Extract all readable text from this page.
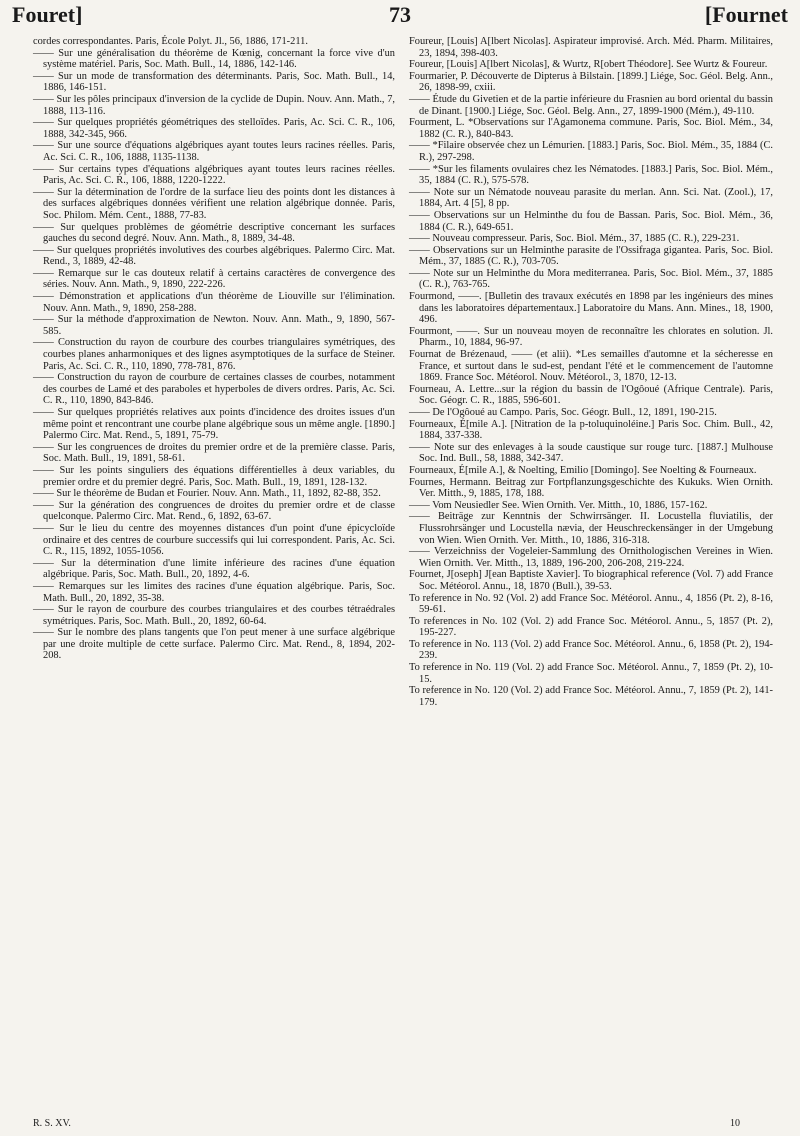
Fouret]	73	[Fournet

cordes correspondantes. Paris, École Polyt. Jl., 56, 1886, 171-211.

—— Sur une généralisation du théorème de Kœnig, concernant la force vive d'un système matériel. Paris, Soc. Math. Bull., 14, 1886, 142-146.

—— Sur un mode de transformation des déterminants. Paris, Soc. Math. Bull., 14, 1886, 146-151.

—— Sur les pôles principaux d'inversion de la cyclide de Dupin. Nouv. Ann. Math., 7, 1888, 113-116.

—— Sur quelques propriétés géométriques des stelloïdes. Paris, Ac. Sci. C. R., 106, 1888, 342-345, 966.

—— Sur une source d'équations algébriques ayant toutes leurs racines réelles. Paris, Ac. Sci. C. R., 106, 1888, 1135-1138.

—— Sur certains types d'équations algébriques ayant toutes leurs racines réelles. Paris, Ac. Sci. C. R., 106, 1888, 1220-1222.

—— Sur la détermination de l'ordre de la surface lieu des points dont les distances à des surfaces algébriques données vérifient une relation algébrique donnée. Paris, Soc. Philom. Mém. Cent., 1888, 77-83.

—— Sur quelques problèmes de géométrie descriptive concernant les surfaces gauches du second degré. Nouv. Ann. Math., 8, 1889, 34-48.

—— Sur quelques propriétés involutives des courbes algébriques. Palermo Circ. Mat. Rend., 3, 1889, 42-48.

—— Remarque sur le cas douteux relatif à certains caractères de convergence des séries. Nouv. Ann. Math., 9, 1890, 222-226.

—— Démonstration et applications d'un théorème de Liouville sur l'élimination. Nouv. Ann. Math., 9, 1890, 258-288.

—— Sur la méthode d'approximation de Newton. Nouv. Ann. Math., 9, 1890, 567-585.

—— Construction du rayon de courbure des courbes triangulaires symétriques, des courbes planes anharmoniques et des lignes asymptotiques de la surface de Steiner. Paris, Ac. Sci. C. R., 110, 1890, 778-781, 876.

—— Construction du rayon de courbure de certaines classes de courbes, notamment des courbes de Lamé et des paraboles et hyperboles de divers ordres. Paris, Ac. Sci. C. R., 110, 1890, 843-846.

—— Sur quelques propriétés relatives aux points d'incidence des droites issues d'un même point et rencontrant une courbe plane algébrique sous un même angle. [1890.] Palermo Circ. Mat. Rend., 5, 1891, 75-79.

—— Sur les congruences de droites du premier ordre et de la première classe. Paris, Soc. Math. Bull., 19, 1891, 58-61.

—— Sur les points singuliers des équations différentielles à deux variables, du premier ordre et du premier degré. Paris, Soc. Math. Bull., 19, 1891, 128-132.

—— Sur le théorème de Budan et Fourier. Nouv. Ann. Math., 11, 1892, 82-88, 352.

—— Sur la génération des congruences de droites du premier ordre et de classe quelconque. Palermo Circ. Mat. Rend., 6, 1892, 63-67.

—— Sur le lieu du centre des moyennes distances d'un point d'une épicycloïde ordinaire et des centres de courbure successifs qui lui correspondent. Paris, Ac. Sci. C. R., 115, 1892, 1055-1056.

—— Sur la détermination d'une limite inférieure des racines d'une équation algébrique. Paris, Soc. Math. Bull., 20, 1892, 4-6.

—— Remarques sur les limites des racines d'une équation algébrique. Paris, Soc. Math. Bull., 20, 1892, 35-38.

—— Sur le rayon de courbure des courbes triangulaires et des courbes tétraédrales symétriques. Paris, Soc. Math. Bull., 20, 1892, 60-64.

—— Sur le nombre des plans tangents que l'on peut mener à une surface algébrique par une droite multiple de cette surface. Palermo Circ. Mat. Rend., 8, 1894, 202-208.

Foureur, [Louis] A[lbert Nicolas]. Aspirateur improvisé. Arch. Méd. Pharm. Militaires, 23, 1894, 398-403.

Foureur, [Louis] A[lbert Nicolas], & Wurtz, R[obert Théodore]. See Wurtz & Foureur.

Fourmarier, P. Découverte de Dipterus à Bilstain. [1899.] Liége, Soc. Géol. Belg. Ann., 26, 1898-99, cxiii.

—— Étude du Givetien et de la partie inférieure du Frasnien au bord oriental du bassin de Dinant. [1900.] Liége, Soc. Géol. Belg. Ann., 27, 1899-1900 (Mém.), 49-110.

Fourment, L. *Observations sur l'Agamonema commune. Paris, Soc. Biol. Mém., 34, 1882 (C. R.), 840-843.

—— *Filaire observée chez un Lémurien. [1883.] Paris, Soc. Biol. Mém., 35, 1884 (C. R.), 297-298.

—— *Sur les filaments ovulaires chez les Nématodes. [1883.] Paris, Soc. Biol. Mém., 35, 1884 (C. R.), 575-578.

—— Note sur un Nématode nouveau parasite du merlan. Ann. Sci. Nat. (Zool.), 17, 1884, Art. 4 [5], 8 pp.

—— Observations sur un Helminthe du fou de Bassan. Paris, Soc. Biol. Mém., 36, 1884 (C. R.), 649-651.

—— Nouveau compresseur. Paris, Soc. Biol. Mém., 37, 1885 (C. R.), 229-231.

—— Observations sur un Helminthe parasite de l'Ossifraga gigantea. Paris, Soc. Biol. Mém., 37, 1885 (C. R.), 703-705.

—— Note sur un Helminthe du Mora mediterranea. Paris, Soc. Biol. Mém., 37, 1885 (C. R.), 763-765.

Fourmond, ——. [Bulletin des travaux exécutés en 1898 par les ingénieurs des mines dans les laboratoires départementaux.] Laboratoire du Mans. Ann. Mines., 18, 1900, 496.

Fourmont, ——. Sur un nouveau moyen de reconnaître les chlorates en solution. Jl. Pharm., 10, 1884, 96-97.

Fournat de Brézenaud, —— (et alii). *Les semailles d'automne et la sécheresse en France, et surtout dans le sud-est, pendant l'été et le commencement de l'automne 1869. France Soc. Météorol. Nouv. Météorol., 3, 1870, 12-13.

Fourneau, A. Lettre...sur la région du bassin de l'Ogôoué (Afrique Centrale). Paris, Soc. Géogr. C. R., 1885, 596-601.

—— De l'Ogôoué au Campo. Paris, Soc. Géogr. Bull., 12, 1891, 190-215.

Fourneaux, É[mile A.]. [Nitration de la p-toluquinoléine.] Paris Soc. Chim. Bull., 42, 1884, 337-338.

—— Note sur des enlevages à la soude caustique sur rouge turc. [1887.] Mulhouse Soc. Ind. Bull., 58, 1888, 342-347.

Fourneaux, É[mile A.], & Noelting, Emilio [Domingo]. See Noelting & Fourneaux.

Fournes, Hermann. Beitrag zur Fortpflanzungsgeschichte des Kukuks. Wien Ornith. Ver. Mitth., 9, 1885, 178, 188.

—— Vom Neusiedler See. Wien Ornith. Ver. Mitth., 10, 1886, 157-162.

—— Beiträge zur Kenntnis der Schwirrsänger. II. Locustella fluviatilis, der Flussrohrsänger und Locustella nævia, der Heuschreckensänger in der Umgebung von Wien. Wien Ornith. Ver. Mitth., 10, 1886, 316-318.

—— Verzeichniss der Vogeleier-Sammlung des Ornithologischen Vereines in Wien. Wien Ornith. Ver. Mitth., 13, 1889, 196-200, 206-208, 219-224.

Fournet, J[oseph] J[ean Baptiste Xavier]. To biographical reference (Vol. 7) add France Soc. Météorol. Annu., 18, 1870 (Bull.), 39-53.

To reference in No. 92 (Vol. 2) add France Soc. Météorol. Annu., 4, 1856 (Pt. 2), 8-16, 59-61.

To references in No. 102 (Vol. 2) add France Soc. Météorol. Annu., 5, 1857 (Pt. 2), 195-227.

To reference in No. 113 (Vol. 2) add France Soc. Météorol. Annu., 6, 1858 (Pt. 2), 194-239.

To reference in No. 119 (Vol. 2) add France Soc. Météorol. Annu., 7, 1859 (Pt. 2), 10-15.

To reference in No. 120 (Vol. 2) add France Soc. Météorol. Annu., 7, 1859 (Pt. 2), 141-179.

R. S. XV.	10
